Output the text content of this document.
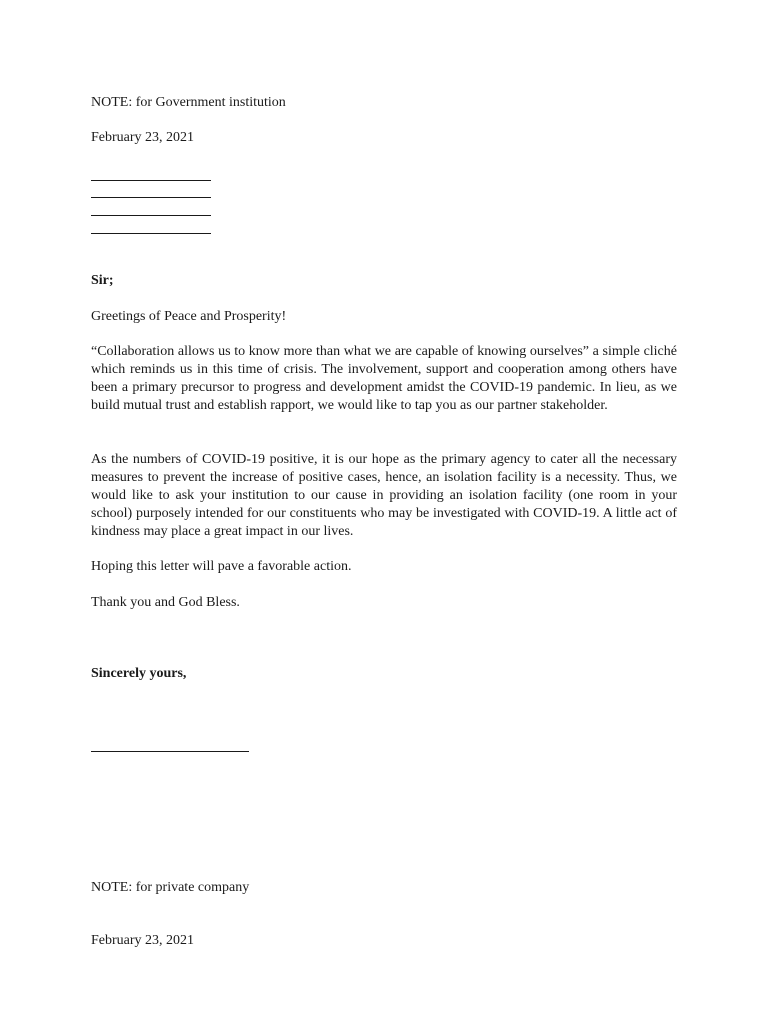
NOTE: for Government institution
February 23, 2021
Sir;
Greetings of Peace and Prosperity!

“Collaboration allows us to know more than what we are capable of knowing ourselves” a simple cliché which reminds us in this time of crisis. The involvement, support and cooperation among others have been a primary precursor to progress and development amidst the COVID-19 pandemic. In lieu, as we build mutual trust and establish rapport, we would like to tap you as our partner stakeholder.

As the numbers of COVID-19 positive, it is our hope as the primary agency to cater all the necessary measures to prevent the increase of positive cases, hence, an isolation facility is a necessity. Thus, we would like to ask your institution to our cause in providing an isolation facility (one room in your school) purposely intended for our constituents who may be investigated with COVID-19. A little act of kindness may place a great impact in our lives.

Hoping this letter will pave a favorable action.
Thank you and God Bless.
Sincerely yours,
NOTE: for private company
February 23, 2021
